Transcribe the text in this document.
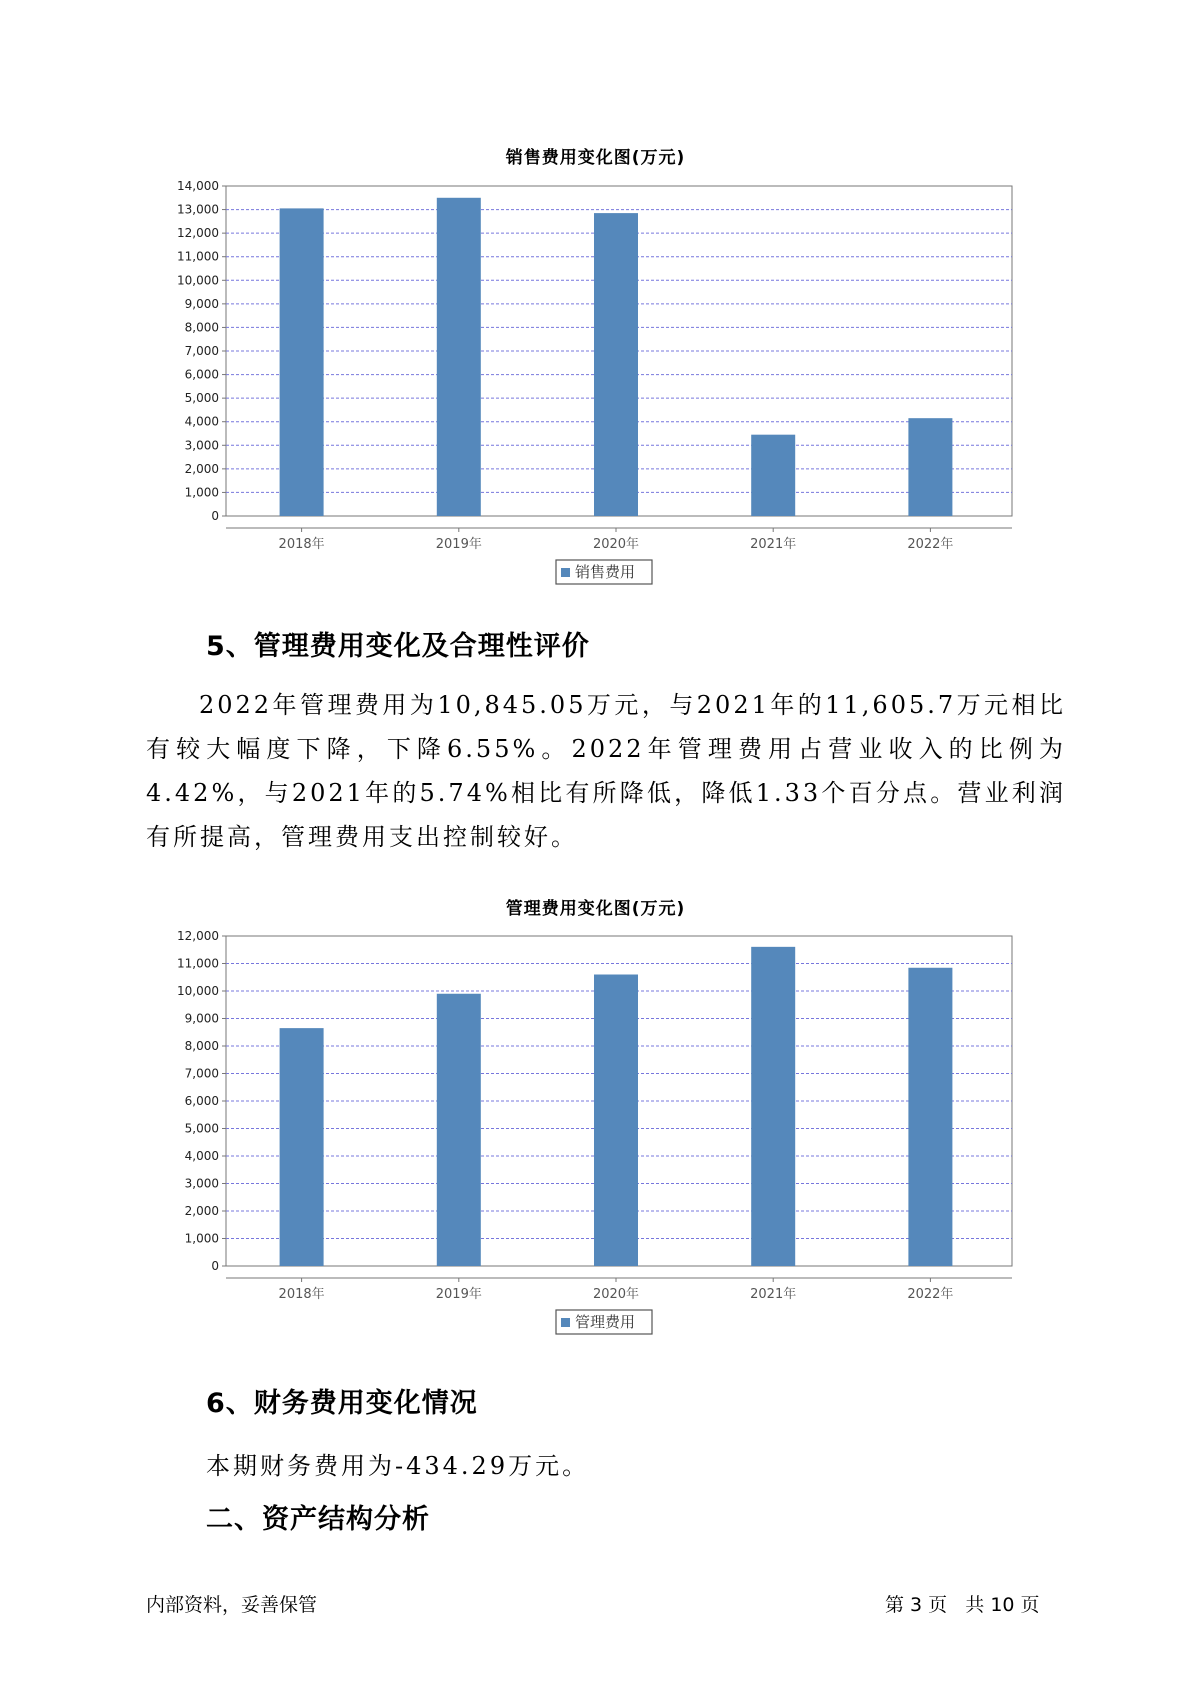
销售费用变化图(万元)
0
1,000
2,000
3,000
4,000
5,000
6,000
7,000
8,000
9,000
10,000
11,000
12,000
13,000
14,000
2018年	2019年	2020年	2021年	2022年
销售费用
5、管理费用变化及合理性评价

2022年管理费用为10,845.05万元，与2021年的11,605.7万元相比有较大幅度下降，下降6.55%。2022年管理费用占营业收入的比例为4.42%，与2021年的5.74%相比有所降低，降低1.33个百分点。营业利润有所提高，管理费用支出控制较好。

管理费用变化图(万元)
0
1,000
2,000
3,000
4,000
5,000
6,000
7,000
8,000
9,000
10,000
11,000
12,000
2018年	2019年	2020年	2021年	2022年
管理费用
6、财务费用变化情况
本期财务费用为-434.29万元。
二、资产结构分析
内部资料，妥善保管	第 3 页   共 10 页
